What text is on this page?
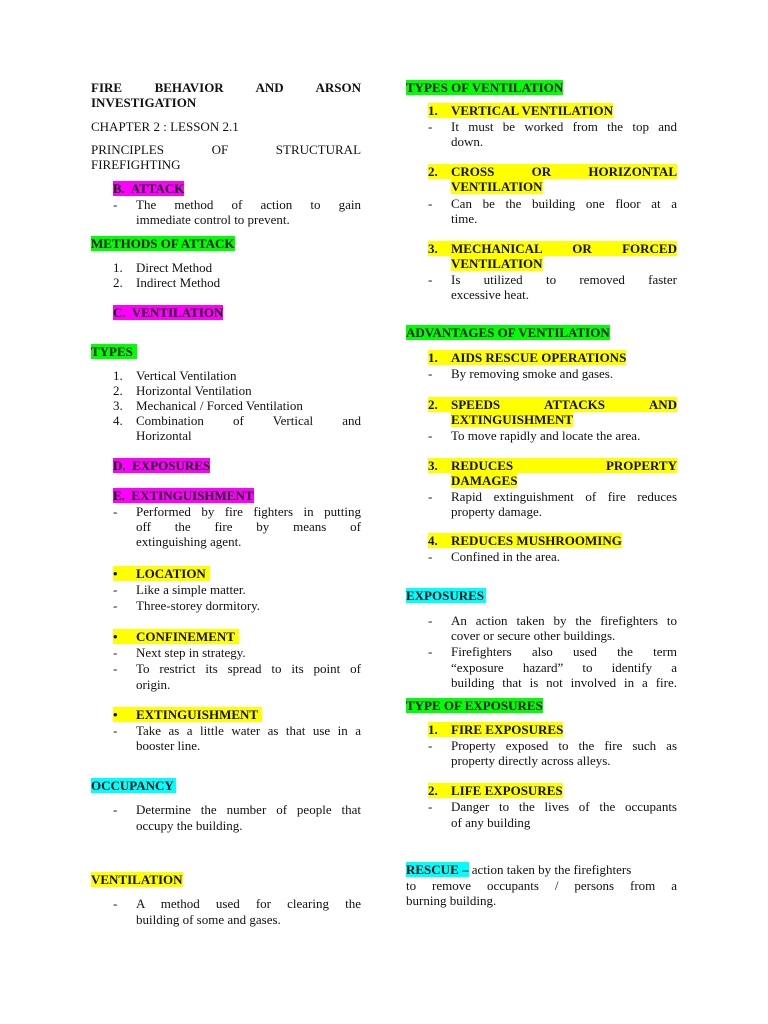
FIRE	BEHAVIOR AND ARSON
INVESTIGATION
CHAPTER 2 : LESSON 2.1
PRINCIPLES	OF	STRUCTURAL
FIREFIGHTING
B.  ATTACK
- The method of action to gain
immediate control to prevent.
METHODS OF ATTACK
1. Direct Method
2. Indirect Method
C.  VENTILATION
TYPES
1. Vertical Ventilation
2. Horizontal Ventilation
3. Mechanical / Forced Ventilation
4. Combination of Vertical and
Horizontal
D.  EXPOSURES
E.  EXTINGUISHMENT
- Performed by fire fighters in putting
off the fire by means of
extinguishing agent.
• LOCATION
- Like a simple matter.
- Three-storey dormitory.
• CONFINEMENT
- Next step in strategy.
- To restrict its spread to its point of
origin.
• EXTINGUISHMENT
- Take as a little water as that use in a
booster line.
OCCUPANCY
- Determine the number of people that
occupy the building.
VENTILATION
- A method used for clearing the
building of some and gases.
TYPES OF VENTILATION
1. VERTICAL VENTILATION
- It must be worked from the top and
down.
2. CROSS OR HORIZONTAL
VENTILATION
- Can be the building one floor at a
time.
3. MECHANICAL OR FORCED
VENTILATION
- Is utilized to removed faster
excessive heat.
ADVANTAGES OF VENTILATION
1. AIDS RESCUE OPERATIONS
- By removing smoke and gases.
2. SPEEDS ATTACKS AND
EXTINGUISHMENT
- To move rapidly and locate the area.
3. REDUCES PROPERTY
DAMAGES
- Rapid extinguishment of fire reduces
property damage.
4. REDUCES MUSHROOMING
- Confined in the area.
EXPOSURES
- An action taken by the firefighters to
cover or secure other buildings.
- Firefighters also used the term
“exposure hazard” to identify a
building that is not involved in a fire.
TYPE OF EXPOSURES
1. FIRE EXPOSURES
- Property exposed to the fire such as
property directly across alleys.
2. LIFE EXPOSURES
- Danger to the lives of the occupants
of any building
RESCUE – action taken by the firefighters
to remove occupants / persons from a
burning building.
